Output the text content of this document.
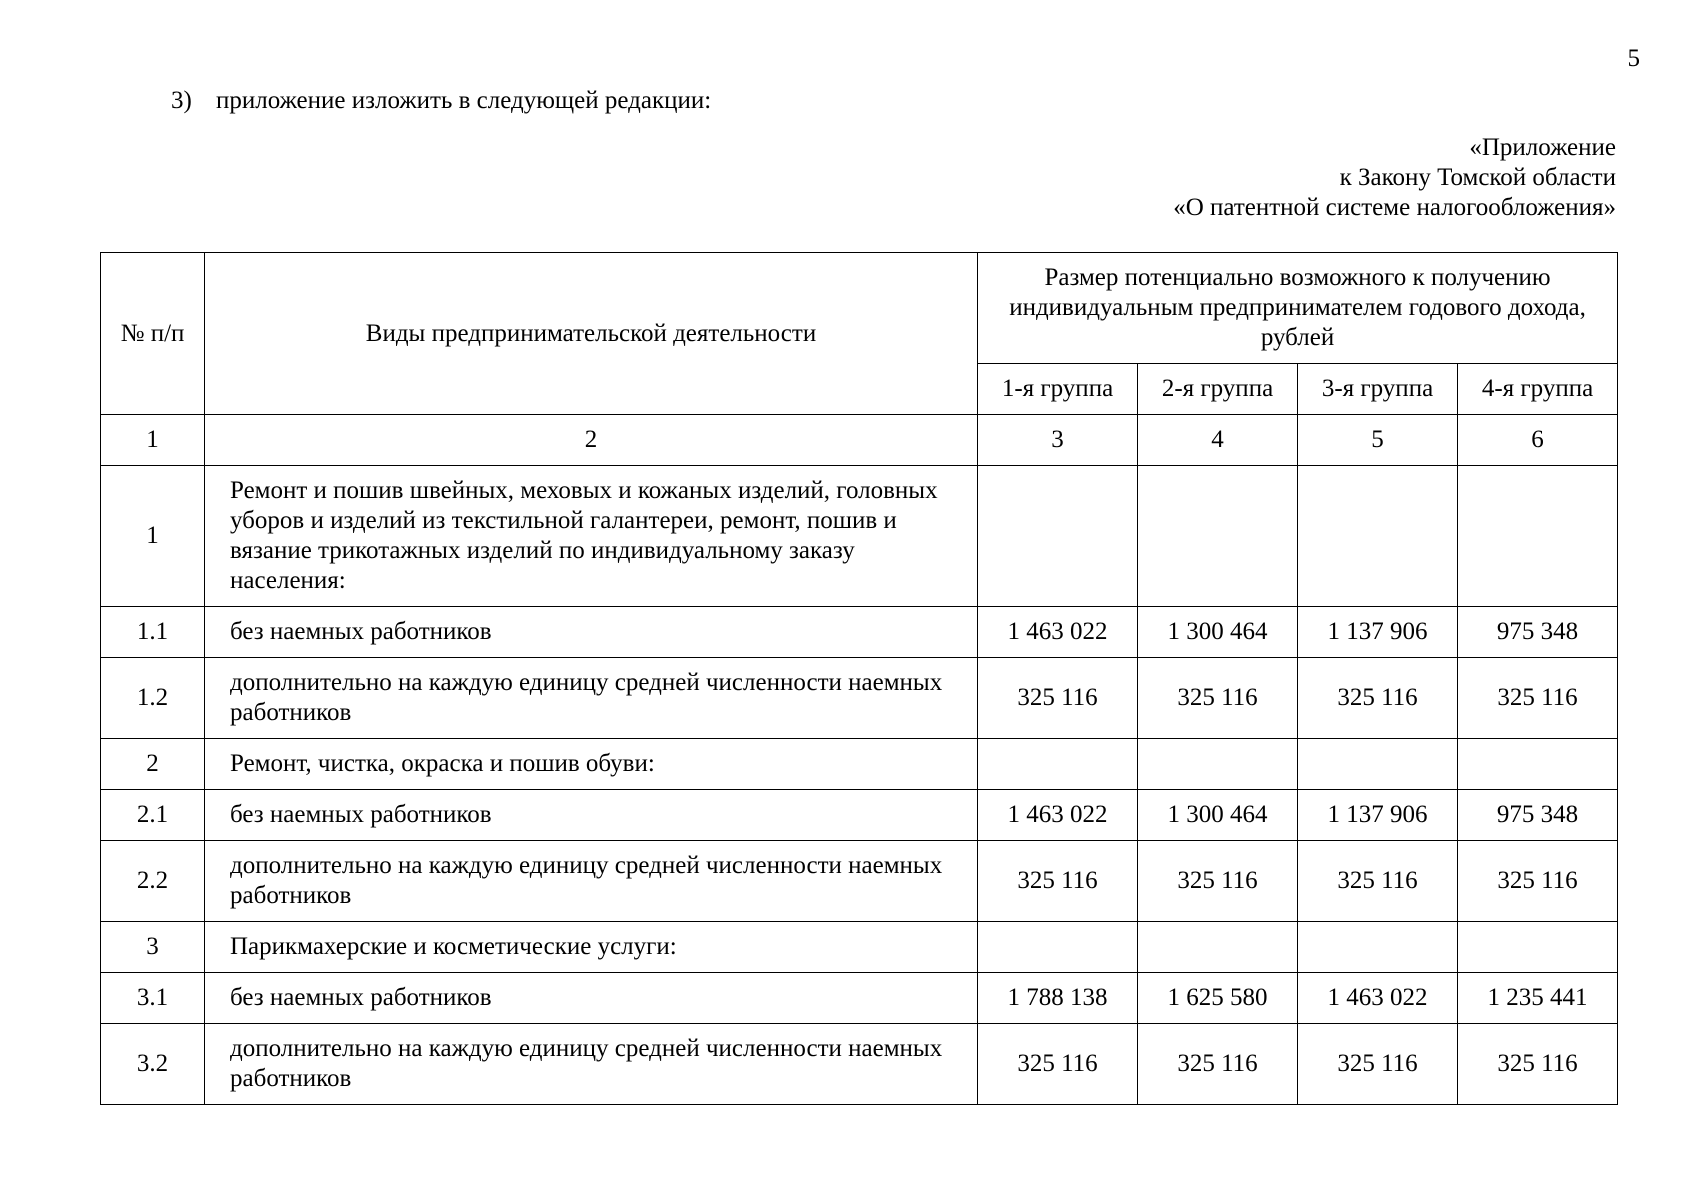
5
3) приложение изложить в следующей редакции:
«Приложение
к Закону Томской области
«О патентной системе налогообложения»
№ п/п	Виды предпринимательской деятельности	Размер потенциально возможного к получению индивидуальным предпринимателем годового дохода, рублей			
		1-я группа	2-я группа	3-я группа	4-я группа
1	2	3	4	5	6
1	Ремонт и пошив швейных, меховых и кожаных изделий, головных уборов и изделий из текстильной галантереи, ремонт, пошив и вязание трикотажных изделий по индивидуальному заказу населения:				
1.1	без наемных работников	1 463 022	1 300 464	1 137 906	975 348
1.2	дополнительно на каждую единицу средней численности наемных работников	325 116	325 116	325 116	325 116
2	Ремонт, чистка, окраска и пошив обуви:				
2.1	без наемных работников	1 463 022	1 300 464	1 137 906	975 348
2.2	дополнительно на каждую единицу средней численности наемных работников	325 116	325 116	325 116	325 116
3	Парикмахерские и косметические услуги:				
3.1	без наемных работников	1 788 138	1 625 580	1 463 022	1 235 441
3.2	дополнительно на каждую единицу средней численности наемных работников	325 116	325 116	325 116	325 116
